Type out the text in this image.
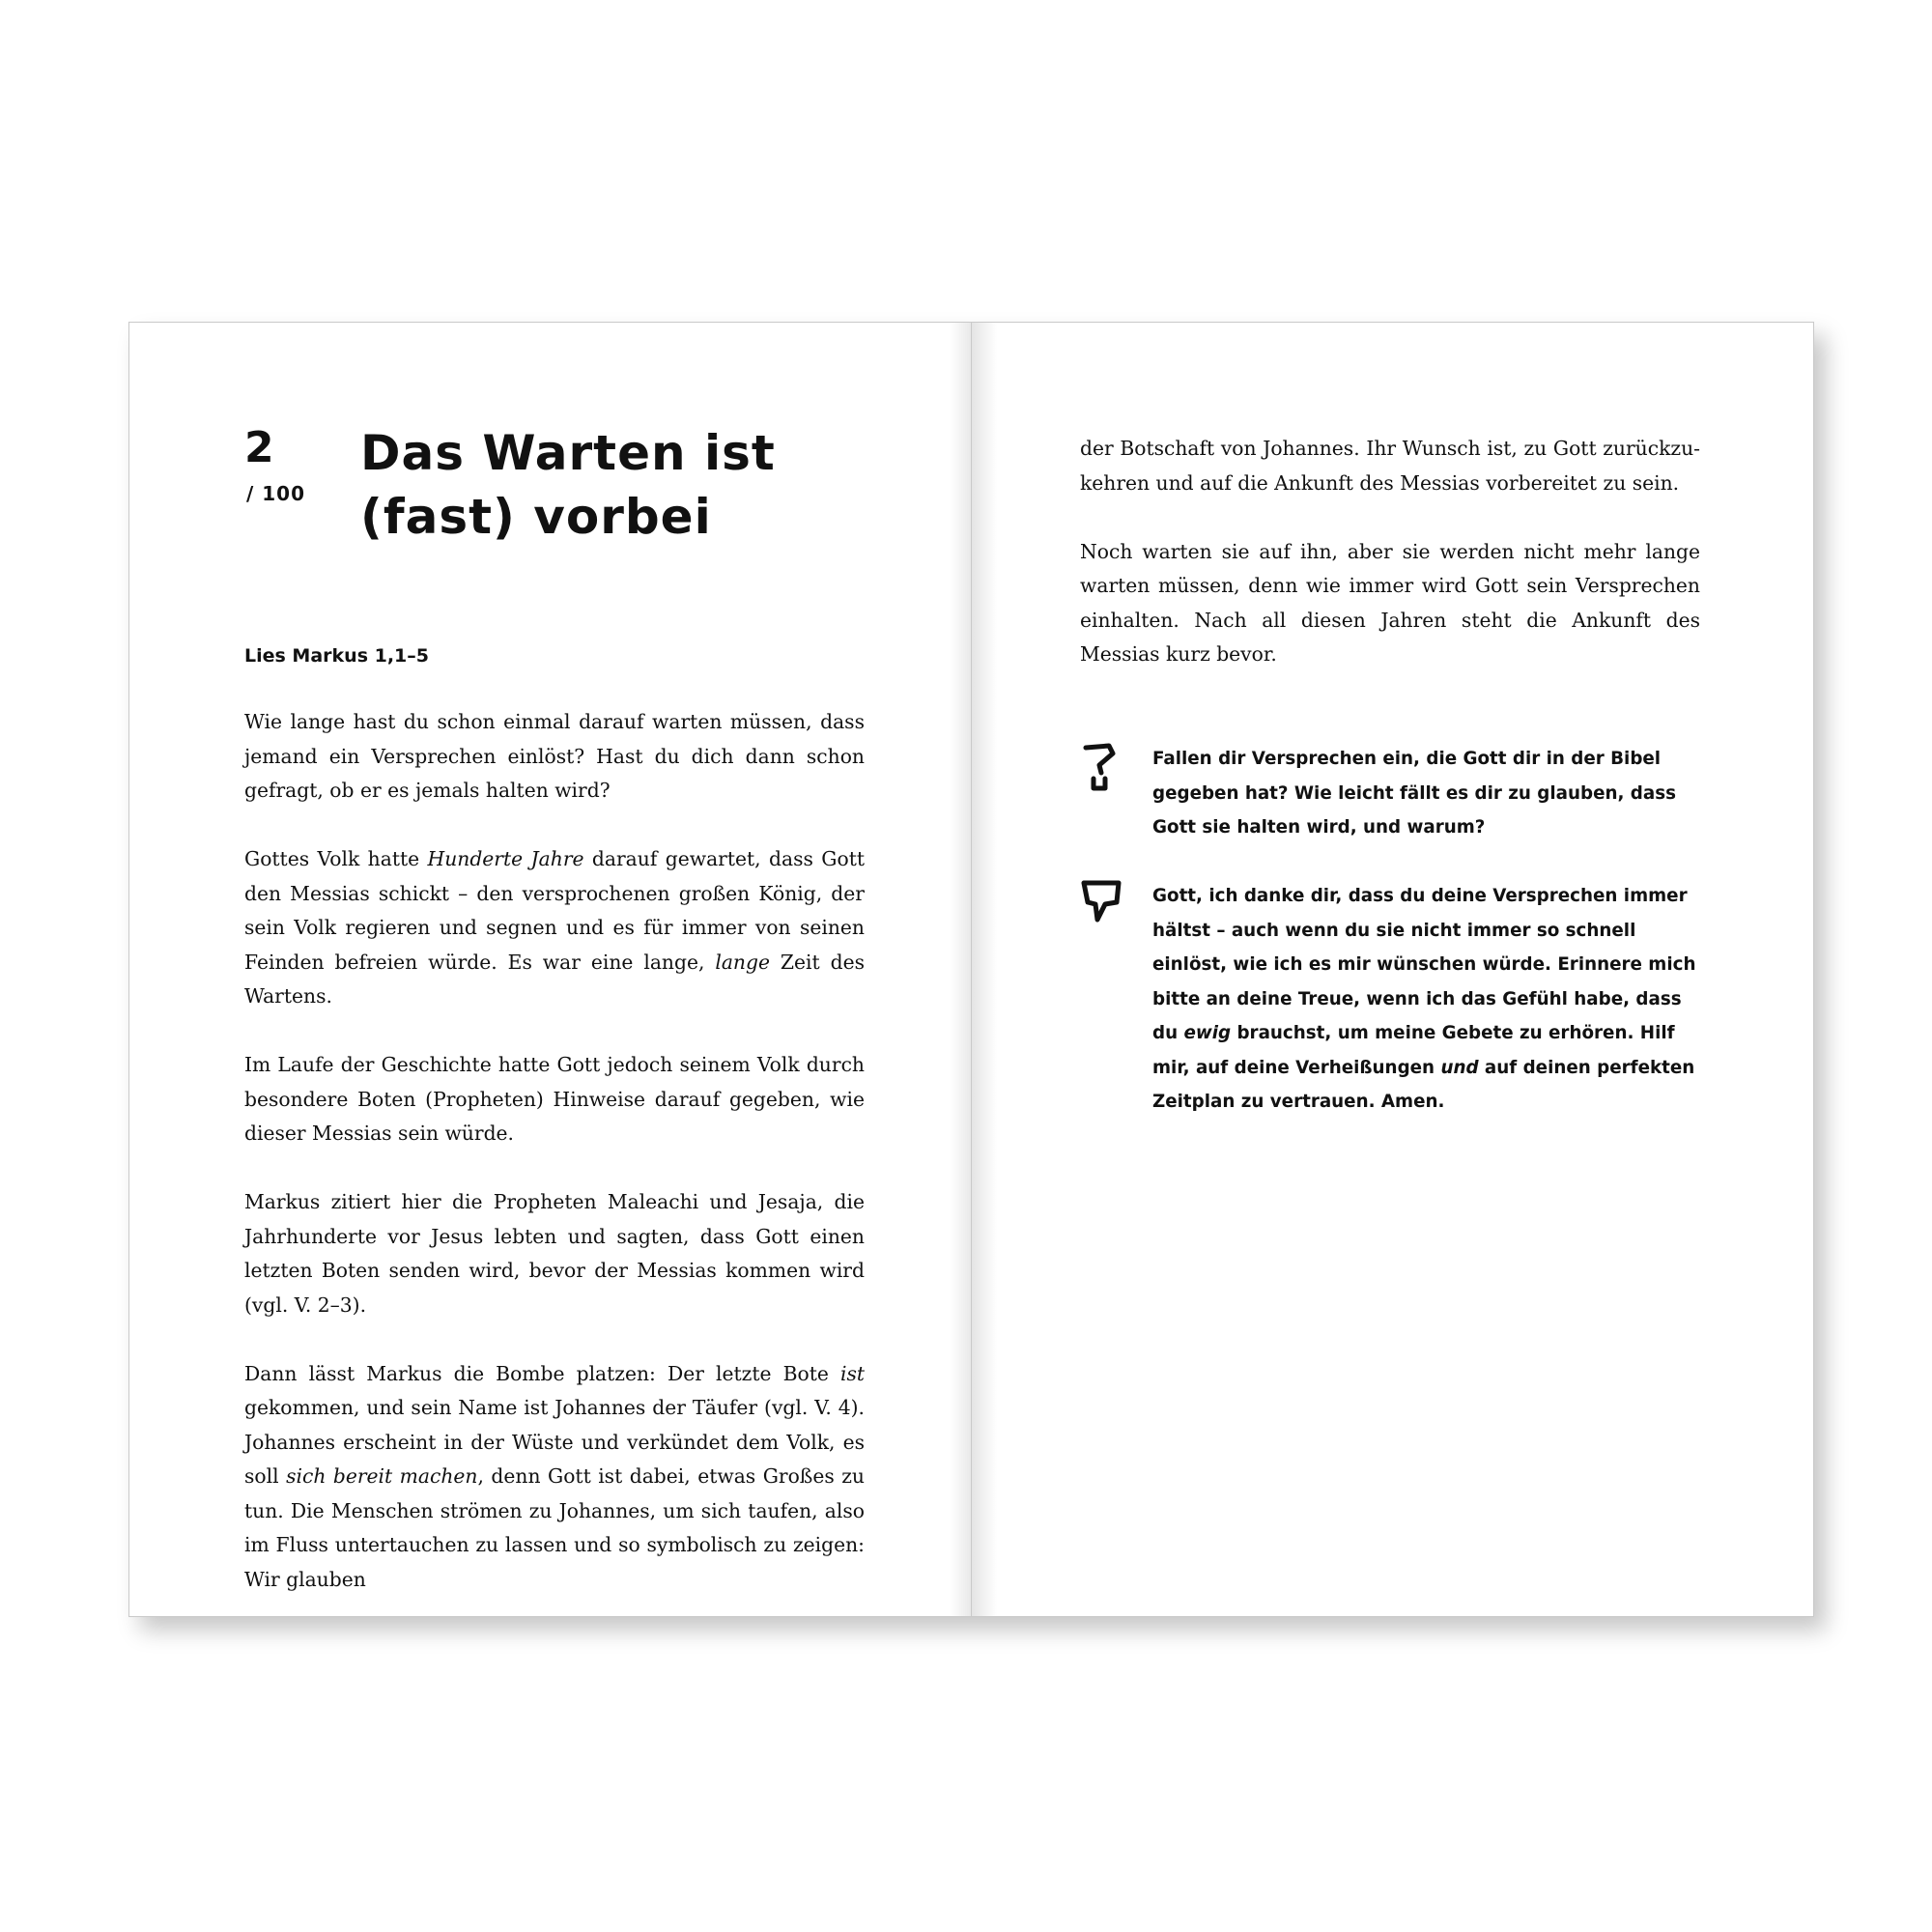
2
/ 100
Das Warten ist (fast) vorbei
Lies Markus 1,1–5

Wie lange hast du schon einmal darauf warten müssen, dass jemand ein Versprechen einlöst? Hast du dich dann schon gefragt, ob er es jemals halten wird?

Gottes Volk hatte Hunderte Jahre darauf gewartet, dass Gott den Messias schickt – den versprochenen großen König, der sein Volk regieren und segnen und es für immer von seinen Feinden befreien würde. Es war eine lange, lange Zeit des Wartens.

Im Laufe der Geschichte hatte Gott jedoch seinem Volk durch besondere Boten (Propheten) Hinweise darauf gegeben, wie dieser Messias sein würde.

Markus zitiert hier die Propheten Maleachi und Jesaja, die Jahrhunderte vor Jesus lebten und sagten, dass Gott einen letzten Boten senden wird, bevor der Messias kommen wird (vgl. V. 2–3).

Dann lässt Markus die Bombe platzen: Der letzte Bote ist gekommen, und sein Name ist Johannes der Täufer (vgl. V. 4). Johannes erscheint in der Wüste und verkündet dem Volk, es soll sich bereit machen, denn Gott ist dabei, etwas Großes zu tun. Die Menschen strömen zu Johannes, um sich taufen, also im Fluss untertauchen zu lassen und so symbolisch zu zeigen: Wir glauben

der Botschaft von Johannes. Ihr Wunsch ist, zu Gott zurückzukehren und auf die Ankunft des Messias vorbereitet zu sein.

Noch warten sie auf ihn, aber sie werden nicht mehr lange warten müssen, denn wie immer wird Gott sein Versprechen einhalten. Nach all diesen Jahren steht die Ankunft des Messias kurz bevor.

Fallen dir Versprechen ein, die Gott dir in der Bibel gegeben hat? Wie leicht fällt es dir zu glauben, dass Gott sie halten wird, und warum?
Gott, ich danke dir, dass du deine Versprechen immer hältst – auch wenn du sie nicht immer so schnell einlöst, wie ich es mir wünschen würde. Erinnere mich bitte an deine Treue, wenn ich das Gefühl habe, dass du ewig brauchst, um meine Gebete zu erhören. Hilf mir, auf deine Verheißungen und auf deinen perfekten Zeitplan zu vertrauen. Amen.
